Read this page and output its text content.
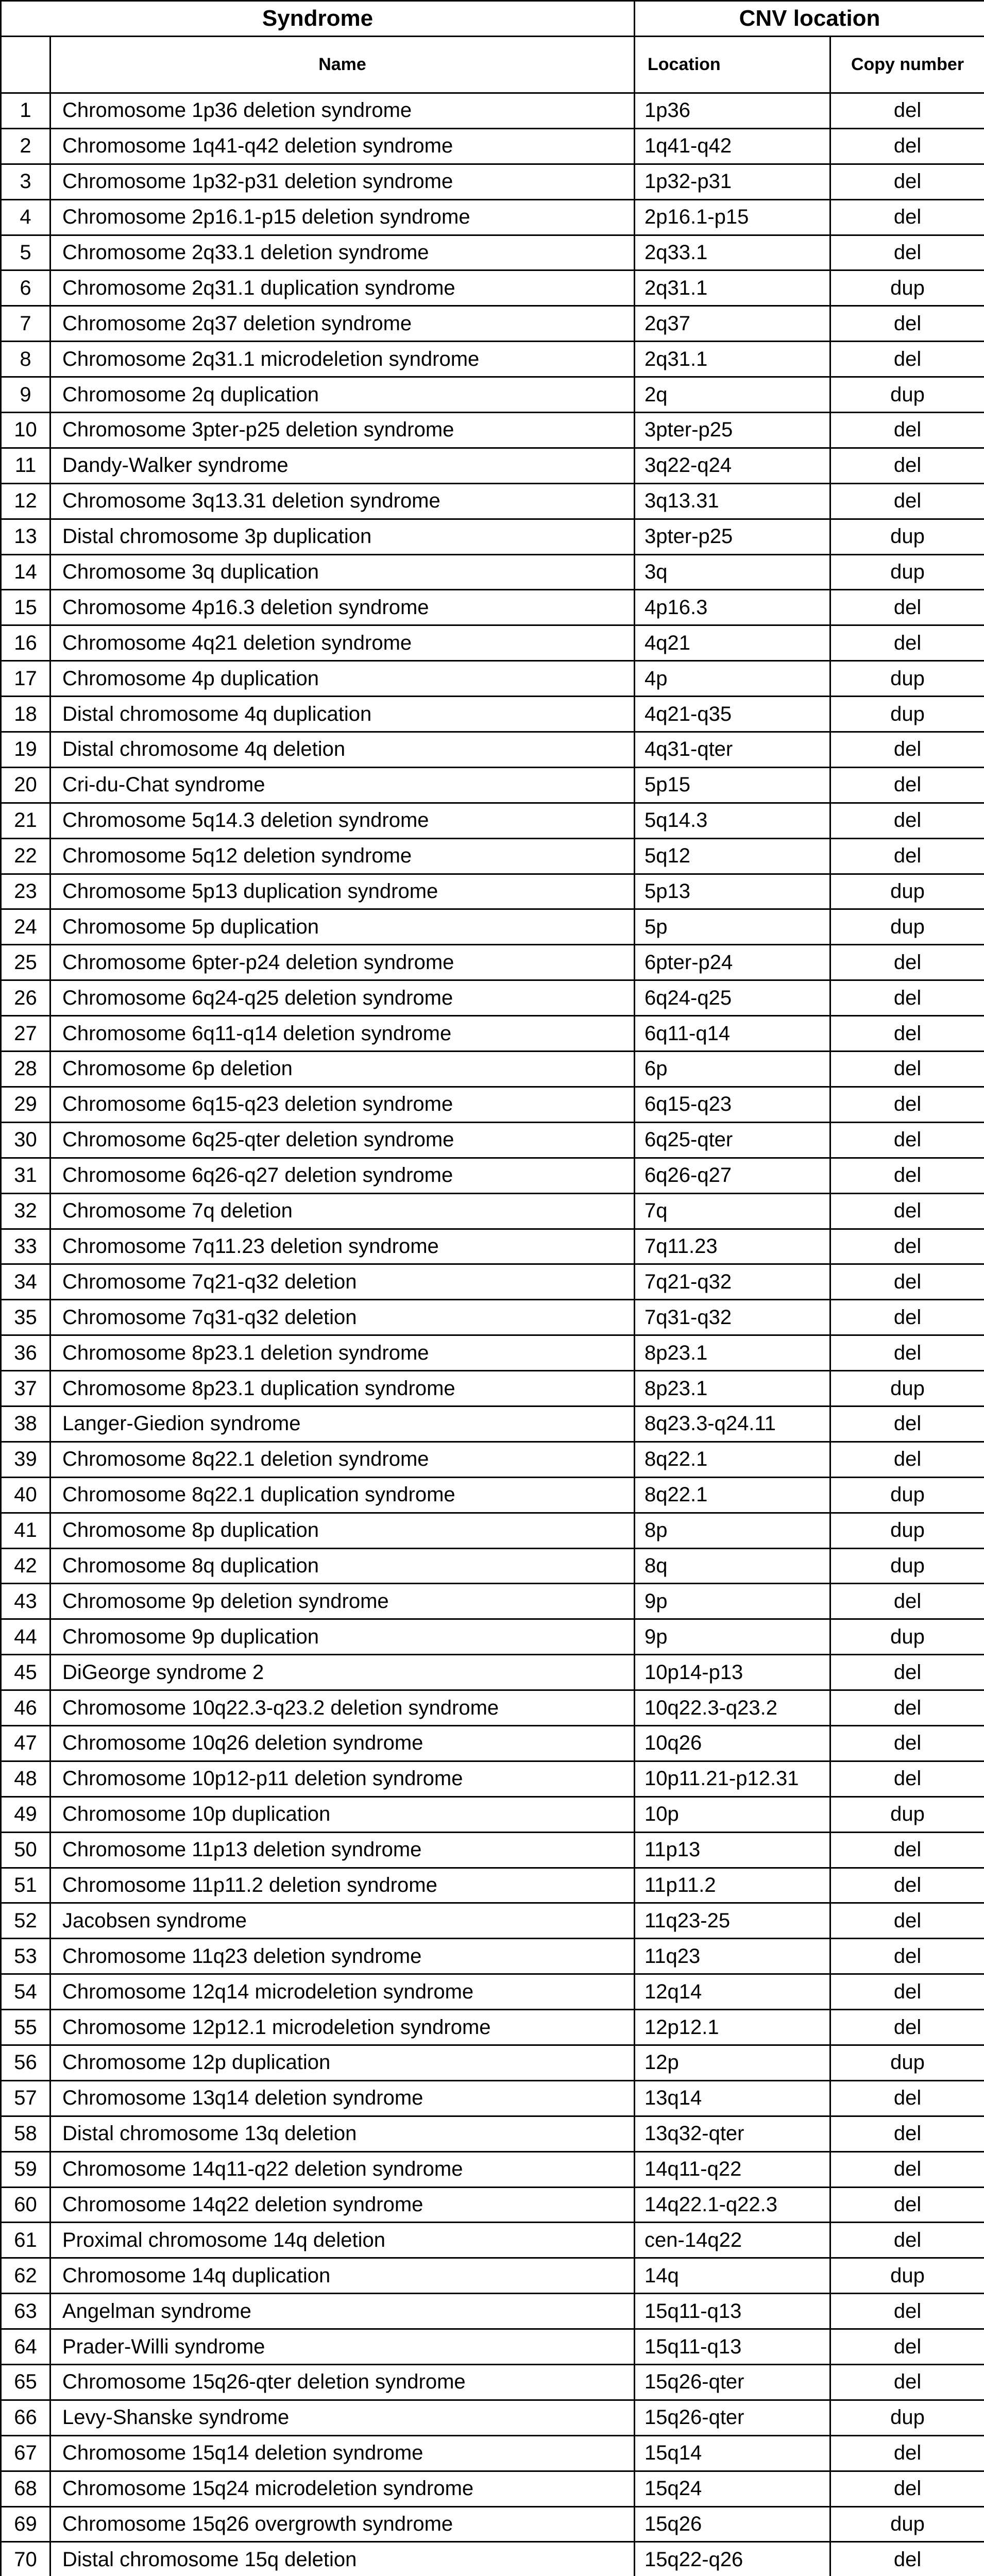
Syndrome		CNV location	
	Name	Location	Copy number
1	Chromosome 1p36 deletion syndrome	1p36	del
2	Chromosome 1q41-q42 deletion syndrome	1q41-q42	del
3	Chromosome 1p32-p31 deletion syndrome	1p32-p31	del
4	Chromosome 2p16.1-p15 deletion syndrome	2p16.1-p15	del
5	Chromosome 2q33.1 deletion syndrome	2q33.1	del
6	Chromosome 2q31.1 duplication syndrome	2q31.1	dup
7	Chromosome 2q37 deletion syndrome	2q37	del
8	Chromosome 2q31.1 microdeletion syndrome	2q31.1	del
9	Chromosome 2q duplication	2q	dup
10	Chromosome 3pter-p25 deletion syndrome	3pter-p25	del
11	Dandy-Walker syndrome	3q22-q24	del
12	Chromosome 3q13.31 deletion syndrome	3q13.31	del
13	Distal chromosome 3p duplication	3pter-p25	dup
14	Chromosome 3q duplication	3q	dup
15	Chromosome 4p16.3 deletion syndrome	4p16.3	del
16	Chromosome 4q21 deletion syndrome	4q21	del
17	Chromosome 4p duplication	4p	dup
18	Distal chromosome 4q duplication	4q21-q35	dup
19	Distal chromosome 4q deletion	4q31-qter	del
20	Cri-du-Chat syndrome	5p15	del
21	Chromosome 5q14.3 deletion syndrome	5q14.3	del
22	Chromosome 5q12 deletion syndrome	5q12	del
23	Chromosome 5p13 duplication syndrome	5p13	dup
24	Chromosome 5p duplication	5p	dup
25	Chromosome 6pter-p24 deletion syndrome	6pter-p24	del
26	Chromosome 6q24-q25 deletion syndrome	6q24-q25	del
27	Chromosome 6q11-q14 deletion syndrome	6q11-q14	del
28	Chromosome 6p deletion	6p	del
29	Chromosome 6q15-q23 deletion syndrome	6q15-q23	del
30	Chromosome 6q25-qter deletion syndrome	6q25-qter	del
31	Chromosome 6q26-q27 deletion syndrome	6q26-q27	del
32	Chromosome 7q deletion	7q	del
33	Chromosome 7q11.23 deletion syndrome	7q11.23	del
34	Chromosome 7q21-q32 deletion	7q21-q32	del
35	Chromosome 7q31-q32 deletion	7q31-q32	del
36	Chromosome 8p23.1 deletion syndrome	8p23.1	del
37	Chromosome 8p23.1 duplication syndrome	8p23.1	dup
38	Langer-Giedion syndrome	8q23.3-q24.11	del
39	Chromosome 8q22.1 deletion syndrome	8q22.1	del
40	Chromosome 8q22.1 duplication syndrome	8q22.1	dup
41	Chromosome 8p duplication	8p	dup
42	Chromosome 8q duplication	8q	dup
43	Chromosome 9p deletion syndrome	9p	del
44	Chromosome 9p duplication	9p	dup
45	DiGeorge syndrome 2	10p14-p13	del
46	Chromosome 10q22.3-q23.2 deletion syndrome	10q22.3-q23.2	del
47	Chromosome 10q26 deletion syndrome	10q26	del
48	Chromosome 10p12-p11 deletion syndrome	10p11.21-p12.31	del
49	Chromosome 10p duplication	10p	dup
50	Chromosome 11p13 deletion syndrome	11p13	del
51	Chromosome 11p11.2 deletion syndrome	11p11.2	del
52	Jacobsen syndrome	11q23-25	del
53	Chromosome 11q23 deletion syndrome	11q23	del
54	Chromosome 12q14 microdeletion syndrome	12q14	del
55	Chromosome 12p12.1 microdeletion syndrome	12p12.1	del
56	Chromosome 12p duplication	12p	dup
57	Chromosome 13q14 deletion syndrome	13q14	del
58	Distal chromosome 13q deletion	13q32-qter	del
59	Chromosome 14q11-q22 deletion syndrome	14q11-q22	del
60	Chromosome 14q22 deletion syndrome	14q22.1-q22.3	del
61	Proximal chromosome 14q deletion	cen-14q22	del
62	Chromosome 14q duplication	14q	dup
63	Angelman syndrome	15q11-q13	del
64	Prader-Willi syndrome	15q11-q13	del
65	Chromosome 15q26-qter deletion syndrome	15q26-qter	del
66	Levy-Shanske syndrome	15q26-qter	dup
67	Chromosome 15q14 deletion syndrome	15q14	del
68	Chromosome 15q24 microdeletion syndrome	15q24	del
69	Chromosome 15q26 overgrowth syndrome	15q26	dup
70	Distal chromosome 15q deletion	15q22-q26	del
